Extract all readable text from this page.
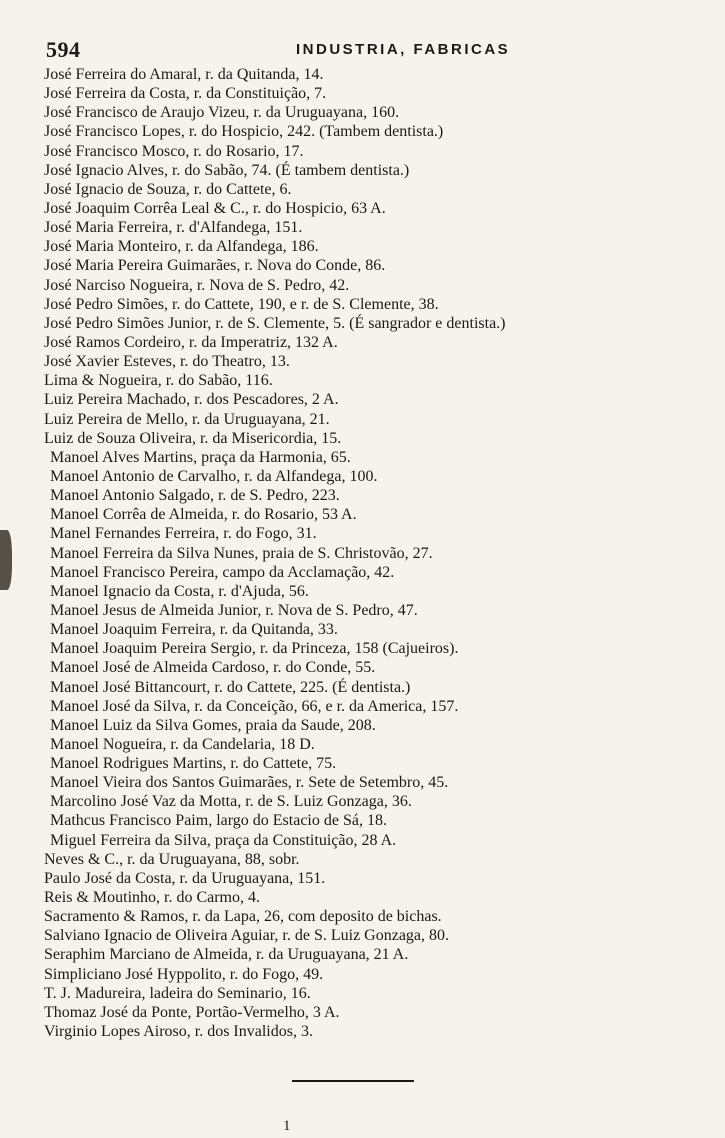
594	INDUSTRIA, FABRICAS
José Ferreira do Amaral, r. da Quitanda, 14.
José Ferreira da Costa, r. da Constituição, 7.
José Francisco de Araujo Vizeu, r. da Uruguayana, 160.
José Francisco Lopes, r. do Hospicio, 242. (Tambem dentista.)
José Francisco Mosco, r. do Rosario, 17.
José Ignacio Alves, r. do Sabão, 74. (É tambem dentista.)
José Ignacio de Souza, r. do Cattete, 6.
José Joaquim Corrêa Leal & C., r. do Hospicio, 63 A.
José Maria Ferreira, r. d'Alfandega, 151.
José Maria Monteiro, r. da Alfandega, 186.
José Maria Pereira Guimarães, r. Nova do Conde, 86.
José Narciso Nogueira, r. Nova de S. Pedro, 42.
José Pedro Simões, r. do Cattete, 190, e r. de S. Clemente, 38.
José Pedro Simões Junior, r. de S. Clemente, 5. (É sangrador e dentista.)
José Ramos Cordeiro, r. da Imperatriz, 132 A.
José Xavier Esteves, r. do Theatro, 13.
Lima & Nogueira, r. do Sabão, 116.
Luiz Pereira Machado, r. dos Pescadores, 2 A.
Luiz Pereira de Mello, r. da Uruguayana, 21.
Luiz de Souza Oliveira, r. da Misericordia, 15.
Manoel Alves Martins, praça da Harmonia, 65.
Manoel Antonio de Carvalho, r. da Alfandega, 100.
Manoel Antonio Salgado, r. de S. Pedro, 223.
Manoel Corrêa de Almeida, r. do Rosario, 53 A.
Manel Fernandes Ferreira, r. do Fogo, 31.
Manoel Ferreira da Silva Nunes, praia de S. Christovão, 27.
Manoel Francisco Pereira, campo da Acclamação, 42.
Manoel Ignacio da Costa, r. d'Ajuda, 56.
Manoel Jesus de Almeida Junior, r. Nova de S. Pedro, 47.
Manoel Joaquim Ferreira, r. da Quitanda, 33.
Manoel Joaquim Pereira Sergio, r. da Princeza, 158 (Cajueiros).
Manoel José de Almeida Cardoso, r. do Conde, 55.
Manoel José Bittancourt, r. do Cattete, 225. (É dentista.)
Manoel José da Silva, r. da Conceição, 66, e r. da America, 157.
Manoel Luiz da Silva Gomes, praia da Saude, 208.
Manoel Nogueira, r. da Candelaria, 18 D.
Manoel Rodrigues Martins, r. do Cattete, 75.
Manoel Vieira dos Santos Guimarães, r. Sete de Setembro, 45.
Marcolino José Vaz da Motta, r. de S. Luiz Gonzaga, 36.
Mathcus Francisco Paim, largo do Estacio de Sá, 18.
Miguel Ferreira da Silva, praça da Constituição, 28 A.
Neves & C., r. da Uruguayana, 88, sobr.
Paulo José da Costa, r. da Uruguayana, 151.
Reis & Moutinho, r. do Carmo, 4.
Sacramento & Ramos, r. da Lapa, 26, com deposito de bichas.
Salviano Ignacio de Oliveira Aguiar, r. de S. Luiz Gonzaga, 80.
Seraphim Marciano de Almeida, r. da Uruguayana, 21 A.
Simpliciano José Hyppolito, r. do Fogo, 49.
T. J. Madureira, ladeira do Seminario, 16.
Thomaz José da Ponte, Portão-Vermelho, 3 A.
Virginio Lopes Airoso, r. dos Invalidos, 3.
1
